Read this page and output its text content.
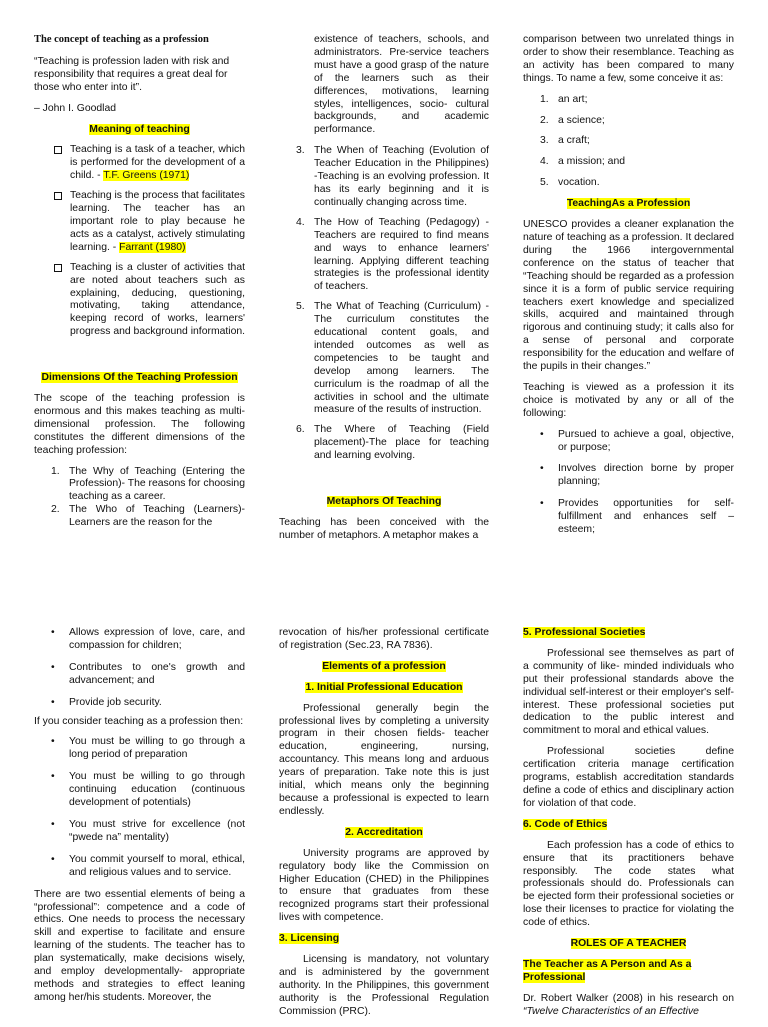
The concept of teaching as a profession

“Teaching is profession laden with risk and responsibility that requires a great deal for those who enter into it”.

– John I. Goodlad

Meaning of teaching

Teaching is a task of a teacher, which is performed for the development of a child. - T.F. Greens (1971)
Teaching is the process that facilitates learning. The teacher has an important role to play because he acts as a catalyst, actively stimulating learning. - Farrant (1980)
Teaching is a cluster of activities that are noted about teachers such as explaining, deducing, questioning, motivating, taking attendance, keeping record of works, learners' progress and background information.

Dimensions Of the Teaching Profession

The scope of the teaching profession is enormous and this makes teaching as multi-dimensional profession. The following constitutes the different dimensions of the teaching profession:

1. The Why of Teaching (Entering the Profession)- The reasons for choosing teaching as a career.
2. The Who of Teaching (Learners)- Learners are the reason for the

existence of teachers, schools, and administrators. Pre-service teachers must have a good grasp of the nature of the learners such as their differences, motivations, learning styles, intelligences, socio- cultural backgrounds, and academic performance.

3. The When of Teaching (Evolution of Teacher Education in the Philippines) -Teaching is an evolving profession. It has its early beginning and it is continually changing across time.
4. The How of Teaching (Pedagogy) - Teachers are required to find means and ways to enhance learners' learning. Applying different teaching strategies is the professional identity of teachers.
5. The What of Teaching (Curriculum) - The curriculum constitutes the educational content goals, and intended outcomes as well as competencies to be taught and develop among learners. The curriculum is the roadmap of all the activities in school and the ultimate measure of the results of instruction.
6. The Where of Teaching (Field placement)-The place for teaching and learning evolving.

Metaphors Of Teaching

Teaching has been conceived with the number of metaphors. A metaphor makes a

comparison between two unrelated things in order to show their resemblance. Teaching as an activity has been compared to many things. To name a few, some conceive it as:

1. an art;
2. a science;
3. a craft;
4. a mission; and
5. vocation.

TeachingAs a Profession

UNESCO provides a cleaner explanation the nature of teaching as a profession. It declared during the 1966 intergovernmental conference on the status of teacher that “Teaching should be regarded as a profession since it is a form of public service requiring teachers exert knowledge and specialized skills, acquired and maintained through rigorous and continuing study; it calls also for a sense of personal and corporate responsibility for the education and welfare of the pupils in their changes.”

Teaching is viewed as a profession it its choice is motivated by any or all of the following:

• Pursued to achieve a goal, objective, or purpose;
• Involves direction borne by proper planning;
• Provides opportunities for self-fulfillment and enhances self – esteem;
• Allows expression of love, care, and compassion for children;
• Contributes to one's growth and advancement; and
• Provide job security.

If you consider teaching as a profession then:

• You must be willing to go through a long period of preparation
• You must be willing to go through continuing education (continuous development of potentials)
• You must strive for excellence (not “pwede na” mentality)
• You commit yourself to moral, ethical, and religious values and to service.

There are two essential elements of being a “professional”: competence and a code of ethics. One needs to process the necessary skill and expertise to facilitate and ensure learning of the students. The teacher has to plan systematically, make decisions wisely, and employ developmentally- appropriate methods and strategies to effect leaning among her/his students. Moreover, the

revocation of his/her professional certificate of registration (Sec.23, RA 7836).

Elements of a profession

1. Initial Professional Education

Professional generally begin the professional lives by completing a university program in their chosen fields- teacher education, engineering, nursing, accountancy. This means long and arduous years of preparation. Take note this is just initial, which means only the beginning because a professional is expected to learn endlessly.

2. Accreditation

University programs are approved by regulatory body like the Commission on Higher Education (CHED) in the Philippines to ensure that graduates from these recognized programs start their professional lives with competence.

3. Licensing

Licensing is mandatory, not voluntary and is administered by the government authority. In the Philippines, this government authority is the Professional Regulation Commission (PRC).

5. Professional Societies

Professional see themselves as part of a community of like- minded individuals who put their professional standards above the individual self-interest or their employer's self-interest. These professional societies put dedication to the public interest and commitment to moral and ethical values.

Professional societies define certification criteria manage certification programs, establish accreditation standards define a code of ethics and disciplinary action for violation of that code.

6. Code of Ethics

Each profession has a code of ethics to ensure that its practitioners behave responsibly. The code states what professionals should do. Professionals can be ejected form their professional societies or lose their licenses to practice for violating the code of ethics.

ROLES OF A TEACHER

The Teacher as A Person and As a Professional

Dr. Robert Walker (2008) in his research on “Twelve Characteristics of an Effective
